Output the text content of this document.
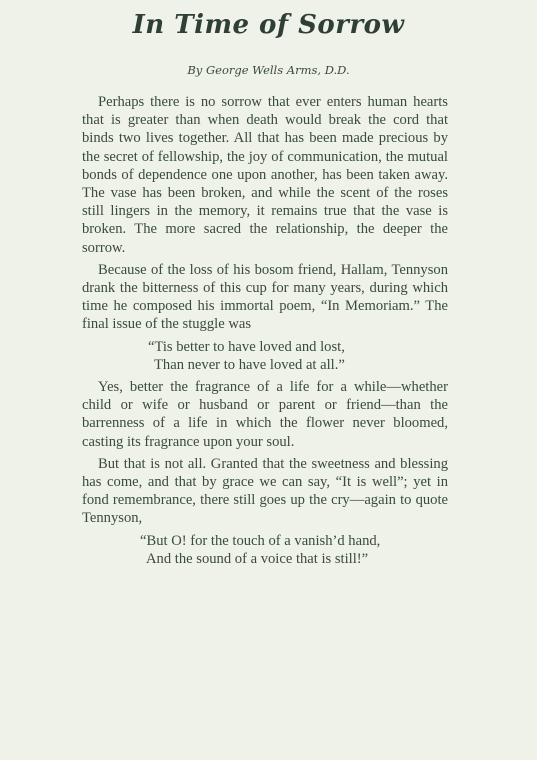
In Time of Sorrow
By George Wells Arms, D.D.

Perhaps there is no sorrow that ever enters human hearts that is greater than when death would break the cord that binds two lives together. All that has been made precious by the secret of fellowship, the joy of communication, the mutual bonds of dependence one upon another, has been taken away. The vase has been broken, and while the scent of the roses still lingers in the memory, it remains true that the vase is broken. The more sacred the relationship, the deeper the sorrow.

Because of the loss of his bosom friend, Hallam, Tennyson drank the bitterness of this cup for many years, during which time he composed his immortal poem, “In Memoriam.” The final issue of the stuggle was

“Tis better to have loved and lost,
Than never to have loved at all.”

Yes, better the fragrance of a life for a while—whether child or wife or husband or parent or friend—than the barrenness of a life in which the flower never bloomed, casting its fragrance upon your soul.

But that is not all. Granted that the sweetness and blessing has come, and that by grace we can say, “It is well”; yet in fond remembrance, there still goes up the cry—again to quote Tennyson,

“But O! for the touch of a vanish’d hand,
And the sound of a voice that is still!”
